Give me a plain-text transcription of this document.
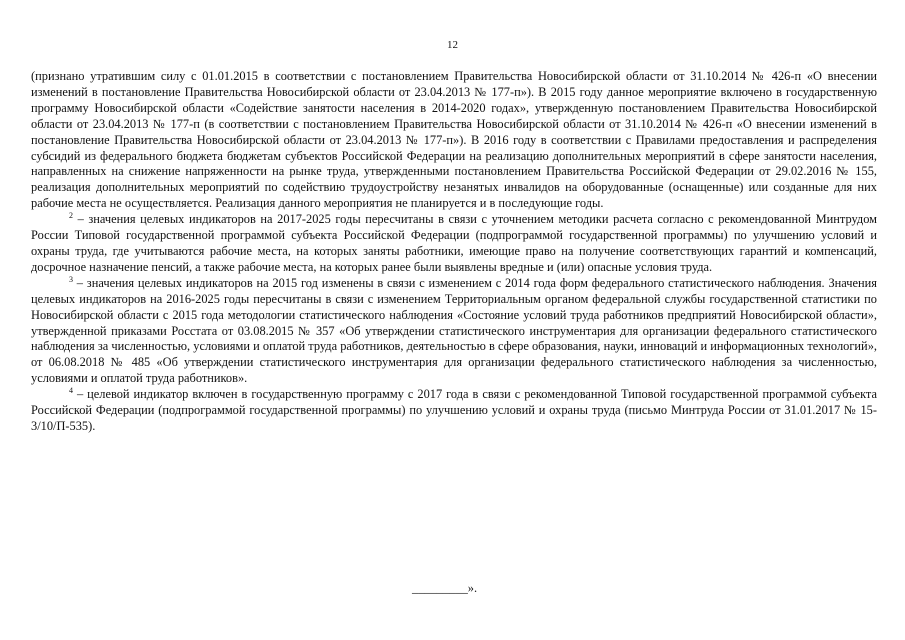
12

(признано утратившим силу с 01.01.2015 в соответствии с постановлением Правительства Новосибирской области от 31.10.2014 № 426-п «О внесении изменений в постановление Правительства Новосибирской области от 23.04.2013 № 177-п»). В 2015 году данное мероприятие включено в государственную программу Новосибирской области «Содействие занятости населения в 2014-2020 годах», утвержденную постановлением Правительства Новосибирской области от 23.04.2013 № 177-п (в соответствии с постановлением Правительства Новосибирской области от 31.10.2014 № 426-п «О внесении изменений в постановление Правительства Новосибирской области от 23.04.2013 № 177-п»). В 2016 году в соответствии с Правилами предоставления и распределения субсидий из федерального бюджета бюджетам субъектов Российской Федерации на реализацию дополнительных мероприятий в сфере занятости населения, направленных на снижение напряженности на рынке труда, утвержденными постановлением Правительства Российской Федерации от 29.02.2016 № 155, реализация дополнительных мероприятий по содействию трудоустройству незанятых инвалидов на оборудованные (оснащенные) или созданные для них рабочие места не осуществляется. Реализация данного мероприятия не планируется и в последующие годы.

$^2$ – значения целевых индикаторов на 2017-2025 годы пересчитаны в связи с уточнением методики расчета согласно с рекомендованной Минтрудом России Типовой государственной программой субъекта Российской Федерации (подпрограммой государственной программы) по улучшению условий и охраны труда, где учитываются рабочие места, на которых заняты работники, имеющие право на получение соответствующих гарантий и компенсаций, досрочное назначение пенсий, а также рабочие места, на которых ранее были выявлены вредные и (или) опасные условия труда.

$^3$ – значения целевых индикаторов на 2015 год изменены в связи с изменением с 2014 года форм федерального статистического наблюдения. Значения целевых индикаторов на 2016-2025 годы пересчитаны в связи с изменением Территориальным органом федеральной службы государственной статистики по Новосибирской области с 2015 года методологии статистического наблюдения «Состояние условий труда работников предприятий Новосибирской области», утвержденной приказами Росстата от 03.08.2015 № 357 «Об утверждении статистического инструментария для организации федерального статистического наблюдения за численностью, условиями и оплатой труда работников, деятельностью в сфере образования, науки, инноваций и информационных технологий», от 06.08.2018 № 485 «Об утверждении статистического инструментария для организации федерального статистического наблюдения за численностью, условиями и оплатой труда работников».

$^4$ – целевой индикатор включен в государственную программу с 2017 года в связи с рекомендованной Типовой государственной программой субъекта Российской Федерации (подпрограммой государственной программы) по улучшению условий и охраны труда (письмо Минтруда России от 31.01.2017 № 15-3/10/П-535).

_________».
